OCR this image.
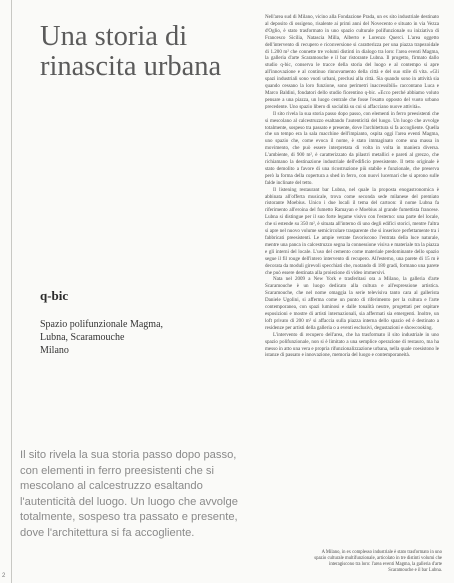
2
Una storia di rinascita urbana

q-bic

Spazio polifunzionale Magma,

Lubna, Scaramouche

Milano

Il sito rivela la sua storia passo dopo passo, con elementi in ferro preesistenti che si mescolano al calcestruzzo esaltando l'autenticità del luogo. Un luogo che avvolge totalmente, sospeso tra passato e presente, dove l'architettura si fa accogliente.

Nell'area sud di Milano, vicino alla Fondazione Prada, un ex sito industriale destinato al deposito di ossigeno, risalente ai primi anni del Novecento e situato in via Vezza d'Oglio, è stato trasformato in uno spazio culturale polifunzionale su iniziativa di Francesco Sicilia, Natascia Milla, Alberto e Lorenzo Querci. L'area oggetto dell'intervento di recupero e riconversione si caratterizza per una piazza trapezoidale di 1.200 m² che connette tre volumi distinti in dialogo tra loro: l'area eventi Magma, la galleria d'arte Scaramouche e il bar ristorante Lubna. Il progetto, firmato dallo studio q-bic, conserva le tracce della storia del luogo e al contempo si apre all'innovazione e al continuo rinnovamento della città e del suo stile di vita. «Gli spazi industriali sono vuoti urbani, preclusi alla città. Sia quando sono in attività sia quando cessano la loro funzione, sono perimetri inaccessibili» raccontano Luca e Marco Baldini, fondatori dello studio fiorentino q-bic. «Ecco perché abbiamo voluto pensare a una piazza, un luogo centrale che fosse l'esatto opposto del vuoto urbano precedente. Uno spazio libero di socialità su cui si affacciano nuove attività».

Il sito rivela la sua storia passo dopo passo, con elementi in ferro preesistenti che si mescolano al calcestruzzo esaltando l'autenticità del luogo. Un luogo che avvolge totalmente, sospeso tra passato e presente, dove l'architettura si fa accogliente. Quella che un tempo era la sala macchine dell'impianto, ospita oggi l'area eventi Magma, uno spazio che, come evoca il nome, è stato immaginato come una massa in movimento, che può essere interpretata di volta in volta in maniera diversa. L'ambiente, di 900 m², è caratterizzato da pilastri metallici e pareti al grezzo, che richiamano la destinazione industriale dell'edificio preesistente. Il tetto originale è stato demolito a favore di una ricostruzione più stabile e funzionale, che preserva però la forma della copertura a shed in ferro, con nuovi lucernari che si aprono sulle falde inclinate del tetto.

Il listening restaurant bar Lubna, nel quale la proposta enogastronomica è abbinata all'offerta musicale, trova come seconda sede milanese del premiato ristorante Moebius. Unico i due locali il tema del cartoon: il nome Lubna fa riferimento all'eroina del fumetto Ramayan e Moebius al grande fumettista francese. Lubna si distingue per il suo forte legame visivo con l'esterno: una parte del locale, che si estende su 350 m², è situata all'interno di uno degli edifici storici, mentre l'altra si apre nel nuovo volume semicircolare trasparente che si inserisce perfettamente tra i fabbricati preesistenti. Le ampie vetrate favoriscono l'entrata della luce naturale, mentre una panca in calcestruzzo segna la connessione visiva e materiale tra la piazza e gli interni del locale. L'uso del cemento come materiale predominante dello spazio segue il fil rouge dell'intero intervento di recupero. All'esterno, una parete di 15 m è decorata da moduli girevoli specchiati che, ruotando di 180 gradi, formano una parete che può essere destinata alla proiezione di video immersivi.

Nata nel 2009 a New York e trasferitasi ora a Milano, la galleria d'arte Scaramouche è un luogo dedicato alla cultura e all'espressione artistica. Scaramouche, che nel nome omaggia la serie televisiva tanto cara al gallerista Daniele Ugolini, si afferma come un punto di riferimento per la cultura e l'arte contemporanea, con spazi luminosi e dalle tonalità neutre, progettati per ospitare esposizioni e mostre di artisti internazionali, sia affermati sia emergenti. Inoltre, un loft privato di 200 m² si affaccia sulla piazza interna dello spazio ed è destinato a residenze per artisti della galleria o a eventi esclusivi, degustazioni e showcooking.

L'intervento di recupero dell'area, che ha trasformato il sito industriale in uno spazio polifunzionale, non si è limitato a una semplice operazione di restauro, ma ha messo in atto una vera e propria rifunzionalizzazione urbana, nella quale coesistono le istanze di passato e innovazione, memoria del luogo e contemporaneità.

A Milano, in ex complesso industriale è stato trasformato in uno spazio culturale multifunzionale, articolato in tre distinti volumi che interagiscono tra loro: l'area eventi Magma, la galleria d'arte Scaramouche e il bar Lubna.
